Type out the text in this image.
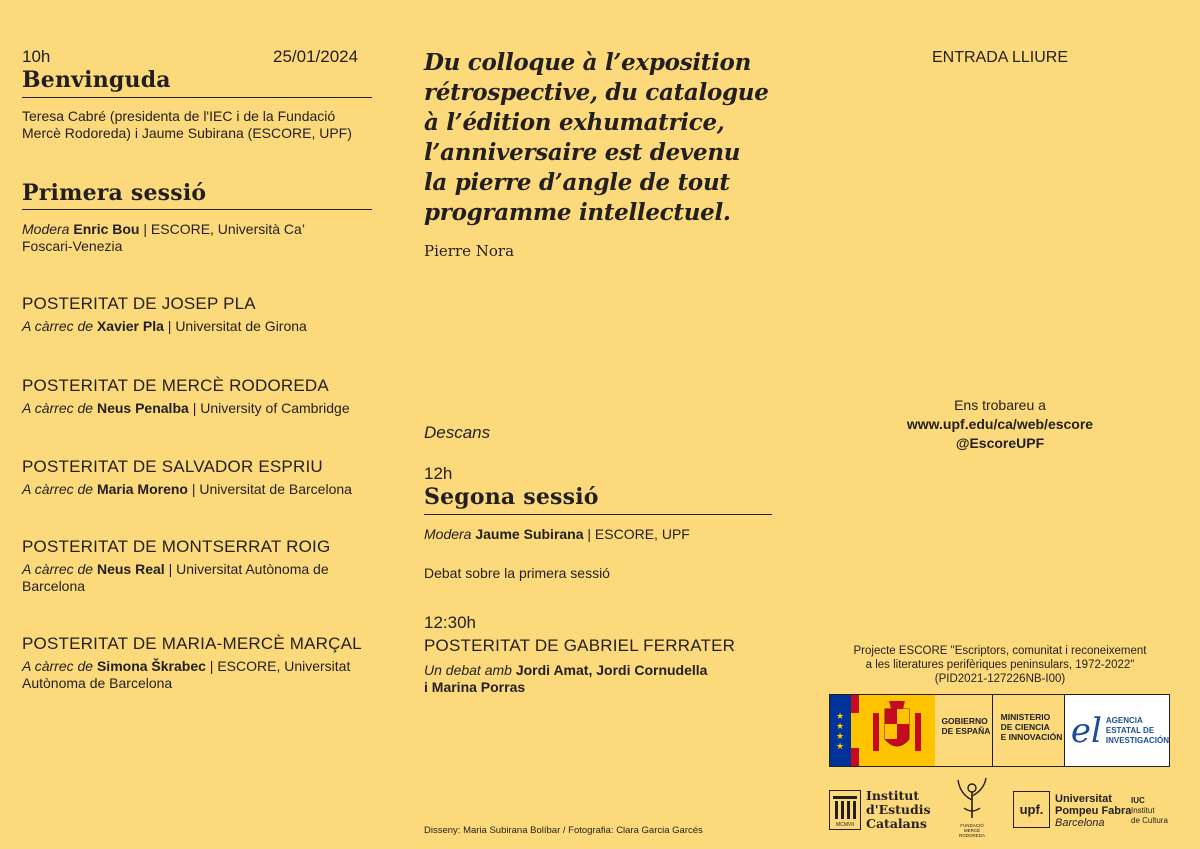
10h	25/01/2024
Benvinguda
Teresa Cabré (presidenta de l'IEC i de la Fundació Mercè Rodoreda) i Jaume Subirana (ESCORE, UPF)
Primera sessió
Modera Enric Bou | ESCORE, Università Ca’ Foscari-Venezia
POSTERITAT DE JOSEP PLA
A càrrec de Xavier Pla | Universitat de Girona
POSTERITAT DE MERCÈ RODOREDA
A càrrec de Neus Penalba | University of Cambridge
POSTERITAT DE SALVADOR ESPRIU
A càrrec de Maria Moreno | Universitat de Barcelona
POSTERITAT DE MONTSERRAT ROIG
A càrrec de Neus Real | Universitat Autònoma de Barcelona
POSTERITAT DE MARIA-MERCÈ MARÇAL
A càrrec de Simona Škrabec | ESCORE, Universitat Autònoma de Barcelona
Du colloque à l’exposition rétrospective, du catalogue à l’édition exhumatrice, l’anniversaire est devenu la pierre d’angle de tout programme intellectuel.
Pierre Nora
Descans
12h
Segona sessió
Modera Jaume Subirana | ESCORE, UPF
Debat sobre la primera sessió
12:30h
POSTERITAT DE GABRIEL FERRATER
Un debat amb Jordi Amat, Jordi Cornudella
i Marina Porras
Disseny: Maria Subirana Bolíbar / Fotografia: Clara Garcia Garcés
ENTRADA LLIURE
Ens trobareu a
www.upf.edu/ca/web/escore
@EscoreUPF
Projecte ESCORE "Escriptors, comunitat i reconeixement
a les literatures perifèriques peninsulars, 1972-2022"
(PID2021-127226NB-I00)
★
★
★
★
GOBIERNO
DE ESPAÑA
MINISTERIO
DE CIENCIA
E INNOVACIÓN el AGENCIA
ESTATAL DE
INVESTIGACIÓN
MCMVII
Institut
d'Estudis
Catalans	FUNDACIÓ
MERCÈ
RODOREDA
upf.
Universitat
Pompeu Fabra
Barcelona
IUC
Institut
de Cultura
